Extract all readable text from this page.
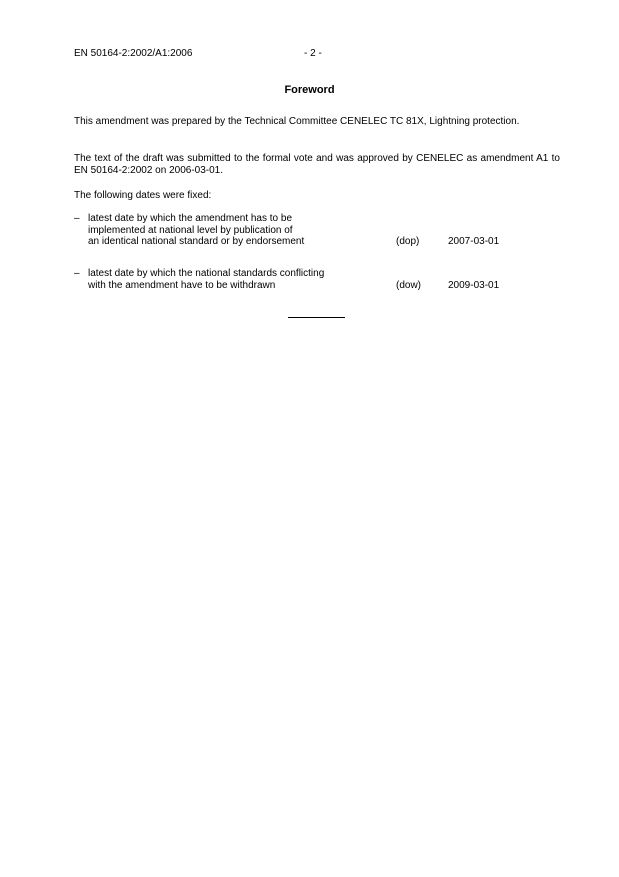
EN 50164-2:2002/A1:2006	- 2 -
Foreword
This amendment was prepared by the Technical Committee CENELEC TC 81X, Lightning protection.
The text of the draft was submitted to the formal vote and was approved by CENELEC as amendment A1 to EN 50164-2:2002 on 2006-03-01.
The following dates were fixed:
– latest date by which the amendment has to be
implemented at national level by publication of
an identical national standard or by endorsement	(dop)	2007-03-01
– latest date by which the national standards conflicting
with the amendment have to be withdrawn	(dow)	2009-03-01
